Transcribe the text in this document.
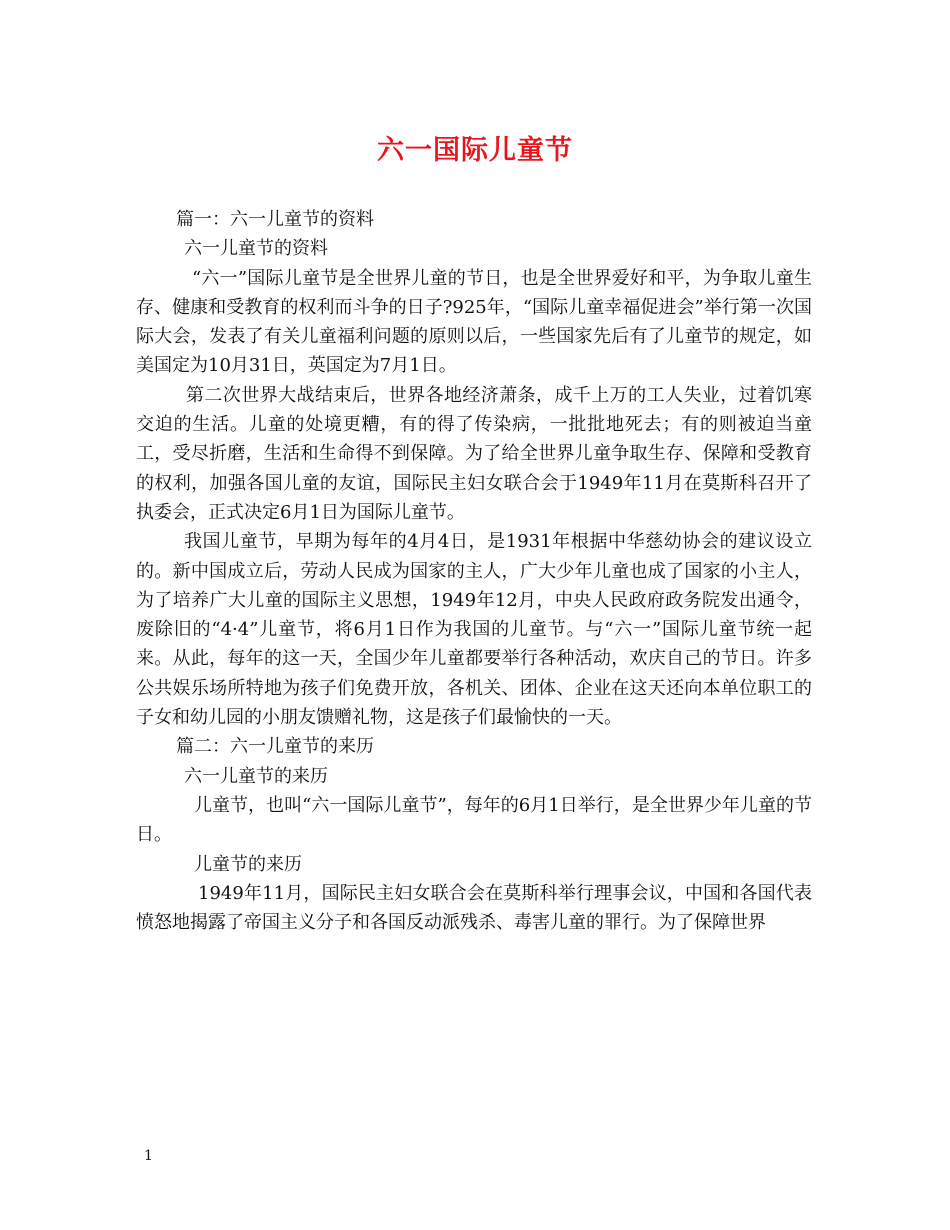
六一国际儿童节

篇一：六一儿童节的资料

六一儿童节的资料

“六一”国际儿童节是全世界儿童的节日，也是全世界爱好和平，为争取儿童生存、健康和受教育的权利而斗争的日子?925年，“国际儿童幸福促进会”举行第一次国际大会，发表了有关儿童福利问题的原则以后，一些国家先后有了儿童节的规定，如美国定为10月31日，英国定为7月1日。

第二次世界大战结束后，世界各地经济萧条，成千上万的工人失业，过着饥寒交迫的生活。儿童的处境更糟，有的得了传染病，一批批地死去；有的则被迫当童工，受尽折磨，生活和生命得不到保障。为了给全世界儿童争取生存、保障和受教育的权利，加强各国儿童的友谊，国际民主妇女联合会于1949年11月在莫斯科召开了执委会，正式决定6月1日为国际儿童节。

我国儿童节，早期为每年的4月4日，是1931年根据中华慈幼协会的建议设立的。新中国成立后，劳动人民成为国家的主人，广大少年儿童也成了国家的小主人，为了培养广大儿童的国际主义思想，1949年12月，中央人民政府政务院发出通令，废除旧的“4·4”儿童节，将6月1日作为我国的儿童节。与“六一”国际儿童节统一起来。从此，每年的这一天，全国少年儿童都要举行各种活动，欢庆自己的节日。许多公共娱乐场所特地为孩子们免费开放，各机关、团体、企业在这天还向本单位职工的子女和幼儿园的小朋友馈赠礼物，这是孩子们最愉快的一天。

篇二：六一儿童节的来历

六一儿童节的来历

儿童节，也叫“六一国际儿童节”，每年的6月1日举行，是全世界少年儿童的节日。

儿童节的来历

1949年11月，国际民主妇女联合会在莫斯科举行理事会议，中国和各国代表愤怒地揭露了帝国主义分子和各国反动派残杀、毒害儿童的罪行。为了保障世界

1
